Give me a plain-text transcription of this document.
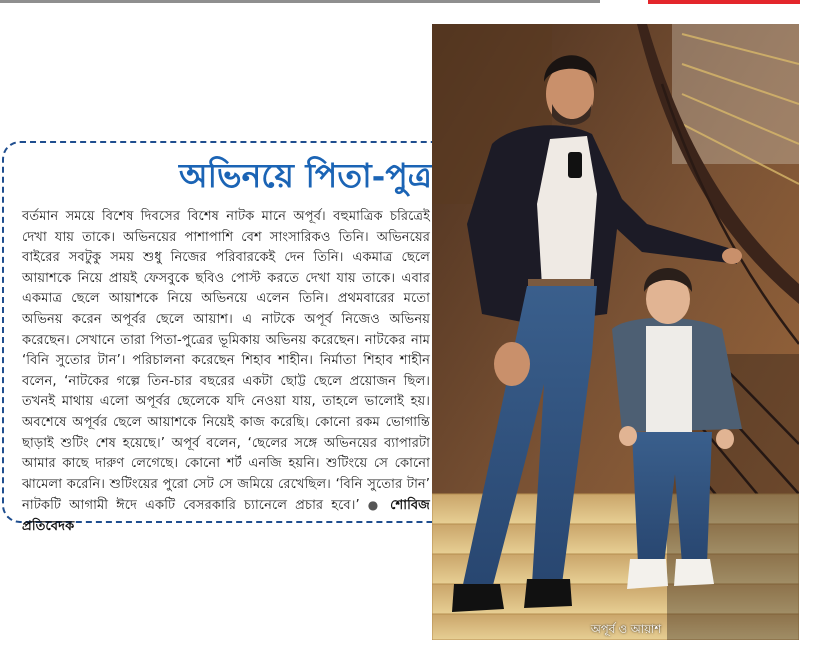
অভিনয়ে পিতা-পুত্র
বর্তমান সময়ে বিশেষ দিবসের বিশেষ নাটক মানে অপূর্ব। বহুমাত্রিক চরিত্রেই দেখা যায় তাকে। অভিনয়ের পাশাপাশি বেশ সাংসারিকও তিনি। অভিনয়ের বাইরের সবটুকু সময় শুধু নিজের পরিবারকেই দেন তিনি। একমাত্র ছেলে আয়াশকে নিয়ে প্রায়ই ফেসবুকে ছবিও পোস্ট করতে দেখা যায় তাকে। এবার একমাত্র ছেলে আয়াশকে নিয়ে অভিনয়ে এলেন তিনি। প্রথমবারের মতো অভিনয় করেন অপূর্বর ছেলে আয়াশ। এ নাটকে অপূর্ব নিজেও অভিনয় করেছেন। সেখানে তারা পিতা-পুত্রের ভূমিকায় অভিনয় করেছেন। নাটকের নাম ‘বিনি সুতোর টান’। পরিচালনা করেছেন শিহাব শাহীন। নির্মাতা শিহাব শাহীন বলেন, ‘নাটকের গল্পে তিন-চার বছরের একটা ছোট্ট ছেলে প্রয়োজন ছিল। তখনই মাথায় এলো অপূর্বর ছেলেকে যদি নেওয়া যায়, তাহলে ভালোই হয়। অবশেষে অপূর্বর ছেলে আয়াশকে নিয়েই কাজ করেছি। কোনো রকম ভোগান্তি ছাড়াই শুটিং শেষ হয়েছে।’ অপূর্ব বলেন, ‘ছেলের সঙ্গে অভিনয়ের ব্যাপারটা আমার কাছে দারুণ লেগেছে। কোনো শর্ট এনজি হয়নি। শুটিংয়ে সে কোনো ঝামেলা করেনি। শুটিংয়ের পুরো সেট সে জমিয়ে রেখেছিল। ‘বিনি সুতোর টান’ নাটকটি আগামী ঈদে একটি বেসরকারি চ্যানেলে প্রচার হবে।’ ● শোবিজ প্রতিবেদক
অপূর্ব ও আয়াশ
